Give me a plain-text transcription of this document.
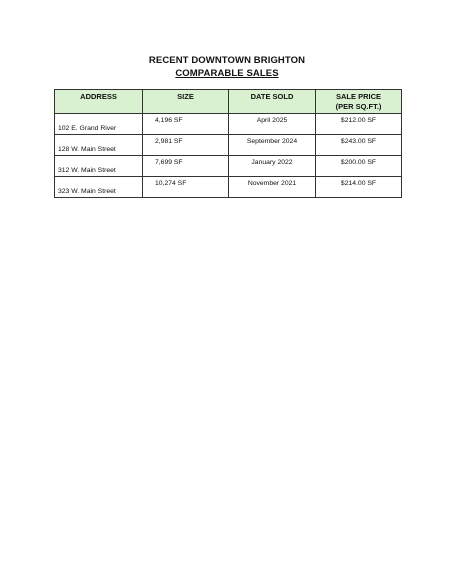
RECENT DOWNTOWN BRIGHTON
COMPARABLE SALES
ADDRESS	SIZE	DATE SOLD	SALE PRICE
(PER SQ.FT.)

102 E. Grand River	4,196 SF	April 2025	$212.00 SF
128 W. Main Street	2,981 SF	September 2024	$243.00 SF
312 W. Main Street	7,699 SF	January 2022	$200.00 SF
323 W. Main Street	10,274 SF	November 2021	$214.00 SF
